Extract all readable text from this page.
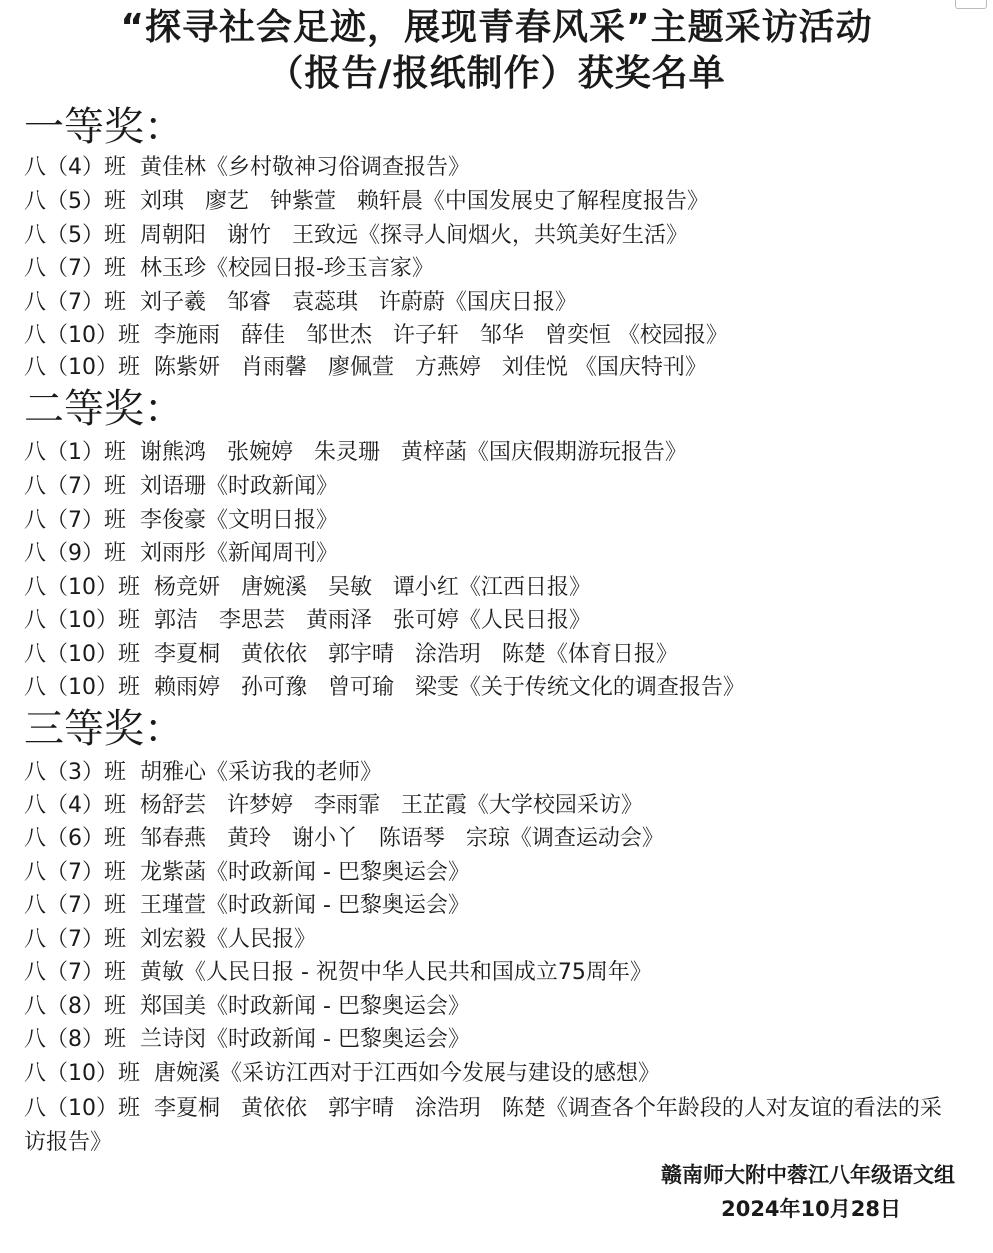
“探寻社会足迹，展现青春风采”主题采访活动
（报告/报纸制作）获奖名单
一等奖：
八（4）班  黄佳林《乡村敬神习俗调查报告》
八（5）班  刘琪   廖艺   钟紫萱   赖轩晨《中国发展史了解程度报告》
八（5）班  周朝阳   谢竹   王致远《探寻人间烟火，共筑美好生活》
八（7）班  林玉珍《校园日报-珍玉言家》
八（7）班  刘子羲   邹睿   袁蕊琪   许蔚蔚《国庆日报》
八（10）班  李施雨   薛佳   邹世杰   许子轩   邹华   曾奕恒 《校园报》
八（10）班  陈紫妍   肖雨馨   廖佩萱   方燕婷   刘佳悦 《国庆特刊》
二等奖：
八（1）班  谢熊鸿   张婉婷   朱灵珊   黄梓菡《国庆假期游玩报告》
八（7）班  刘语珊《时政新闻》
八（7）班  李俊豪《文明日报》
八（9）班  刘雨彤《新闻周刊》
八（10）班  杨竞妍   唐婉溪   吴敏   谭小红《江西日报》
八（10）班  郭洁   李思芸   黄雨泽   张可婷《人民日报》
八（10）班  李夏桐   黄依依   郭宇晴   涂浩玥   陈楚《体育日报》
八（10）班  赖雨婷   孙可豫   曾可瑜   梁雯《关于传统文化的调查报告》
三等奖：
八（3）班  胡雅心《采访我的老师》
八（4）班  杨舒芸   许梦婷   李雨霏   王芷霞《大学校园采访》
八（6）班  邹春燕   黄玲   谢小丫   陈语琴   宗琼《调查运动会》
八（7）班  龙紫菡《时政新闻 - 巴黎奥运会》
八（7）班  王瑾萱《时政新闻 - 巴黎奥运会》
八（7）班  刘宏毅《人民报》
八（7）班  黄敏《人民日报 - 祝贺中华人民共和国成立75周年》
八（8）班  郑国美《时政新闻 - 巴黎奥运会》
八（8）班  兰诗闵《时政新闻 - 巴黎奥运会》
八（10）班  唐婉溪《采访江西对于江西如今发展与建设的感想》
八（10）班  李夏桐   黄依依   郭宇晴   涂浩玥   陈楚《调查各个年龄段的人对友谊的看法的采访报告》
赣南师大附中蓉江八年级语文组
2024年10月28日
